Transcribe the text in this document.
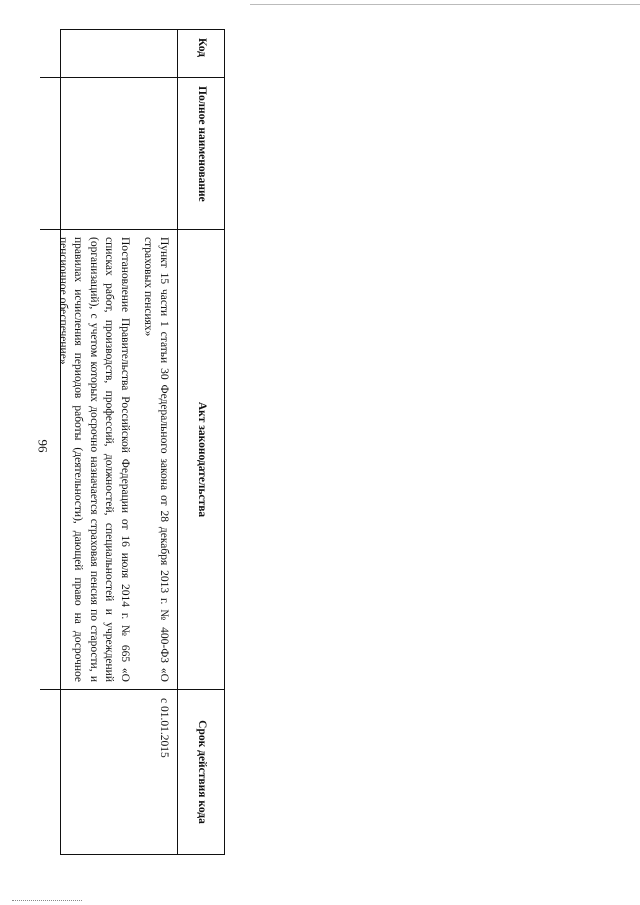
96
Код
Полное наименование
Акт законодательства
Срок действия кода

Пункт 15 части 1 статьи 30 Федерального закона от 28 декабря 2013 г. № 400-ФЗ «О страховых пенсиях»

Постановление Правительства Российской Федерации от 16 июля 2014 г. № 665 «О списках работ, производств, профессий, должностей, специальностей и учреждений (организаций), с учетом которых досрочно назначается страховая пенсия по старости, и правилах исчисления периодов работы (деятельности), дающей право на досрочное пенсионное обеспечение»

с 01.01.2015
